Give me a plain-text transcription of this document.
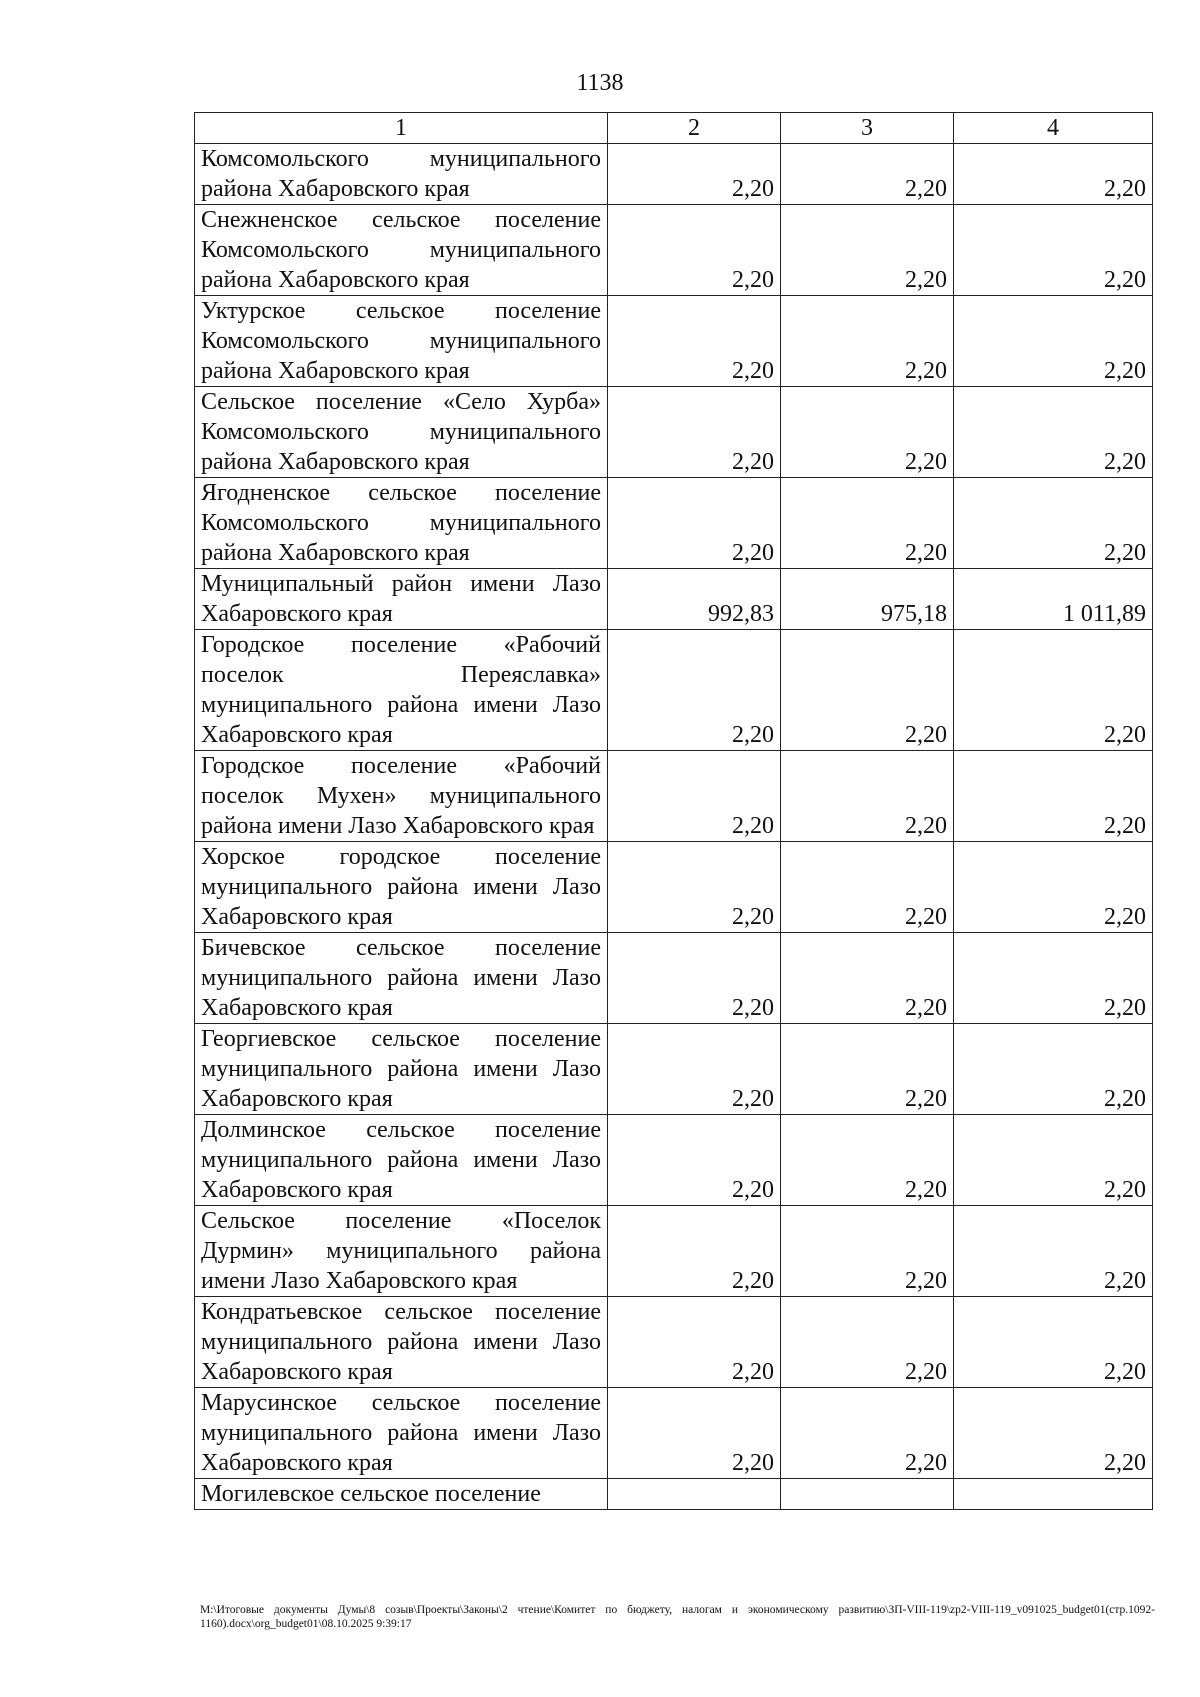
1138
1	2	3	4
Комсомольского муниципального района Хабаровского края	2,20	2,20	2,20
Снежненское сельское поселение Комсомольского муниципального района Хабаровского края	2,20	2,20	2,20
Уктурское сельское поселение Комсомольского муниципального района Хабаровского края	2,20	2,20	2,20
Сельское поселение «Село Хурба» Комсомольского муниципального района Хабаровского края	2,20	2,20	2,20
Ягодненское сельское поселение Комсомольского муниципального района Хабаровского края	2,20	2,20	2,20
Муниципальный район имени Лазо Хабаровского края	992,83	975,18	1 011,89
Городское поселение «Рабочий поселок Переяславка» муниципального района имени Лазо Хабаровского края	2,20	2,20	2,20
Городское поселение «Рабочий поселок Мухен» муниципального района имени Лазо Хабаровского края	2,20	2,20	2,20
Хорское городское поселение муниципального района имени Лазо Хабаровского края	2,20	2,20	2,20
Бичевское сельское поселение муниципального района имени Лазо Хабаровского края	2,20	2,20	2,20
Георгиевское сельское поселение муниципального района имени Лазо Хабаровского края	2,20	2,20	2,20
Долминское сельское поселение муниципального района имени Лазо Хабаровского края	2,20	2,20	2,20
Сельское поселение «Поселок Дурмин» муниципального района имени Лазо Хабаровского края	2,20	2,20	2,20
Кондратьевское сельское поселение муниципального района имени Лазо Хабаровского края	2,20	2,20	2,20
Марусинское сельское поселение муниципального района имени Лазо Хабаровского края	2,20	2,20	2,20
Могилевское сельское поселение			
M:\Итоговые документы Думы\8 созыв\Проекты\Законы\2 чтение\Комитет по бюджету, налогам и экономическому развитию\ЗП-VIII-119\zp2-VIII-119_v091025_budget01(стр.1092-1160).docx\org_budget01\08.10.2025 9:39:17
